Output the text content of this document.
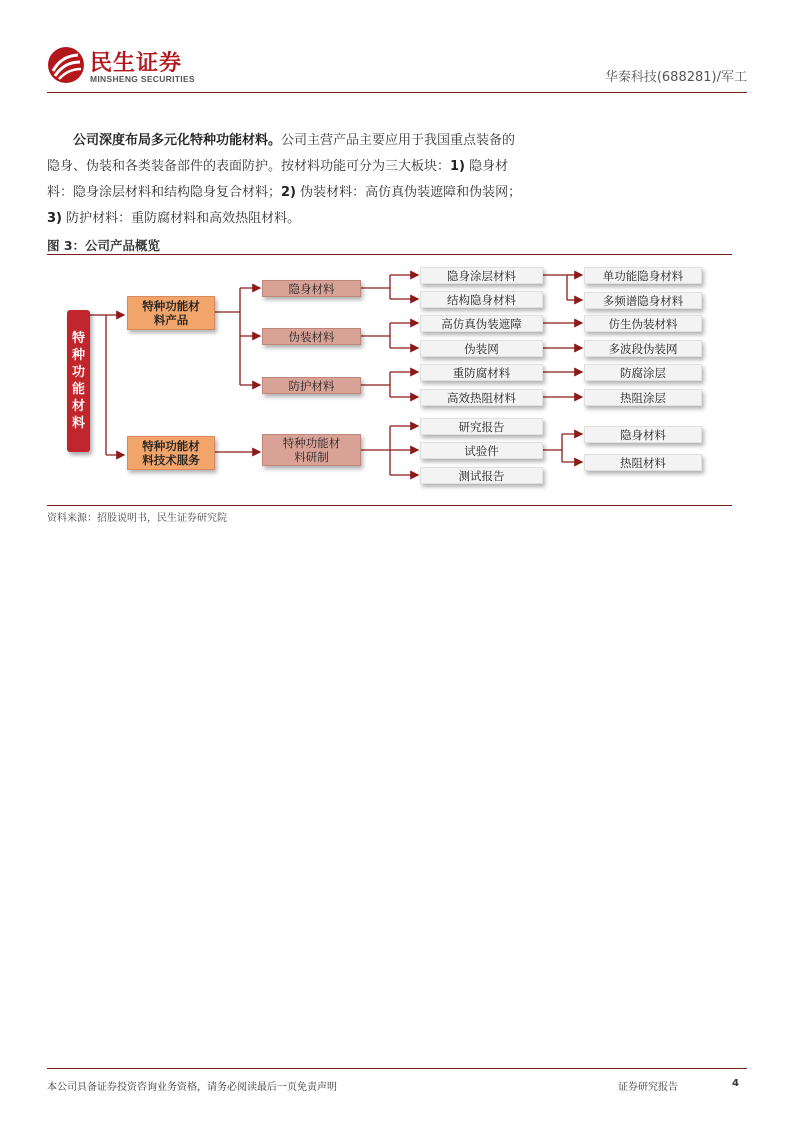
民生证券
MINSHENG SECURITIES	华秦科技(688281)/军工
公司深度布局多元化特种功能材料。公司主营产品主要应用于我国重点装备的隐身、伪装和各类装备部件的表面防护。按材料功能可分为三大板块：1) 隐身材料：隐身涂层材料和结构隐身复合材料；2) 伪装材料：高仿真伪装遮障和伪装网；3) 防护材料：重防腐材料和高效热阻材料。
图 3：公司产品概览
特种功能材料
特种功能材料产品
特种功能材料技术服务
隐身材料
伪装材料
防护材料
特种功能材料研制
隐身涂层材料
结构隐身材料
高仿真伪装遮障
伪装网
重防腐材料
高效热阻材料
研究报告
试验件
测试报告
单功能隐身材料
多频谱隐身材料
仿生伪装材料
多波段伪装网
防腐涂层
热阻涂层
隐身材料
热阻材料
资料来源：招股说明书，民生证券研究院
本公司具备证券投资咨询业务资格，请务必阅读最后一页免责声明	证券研究报告	4
